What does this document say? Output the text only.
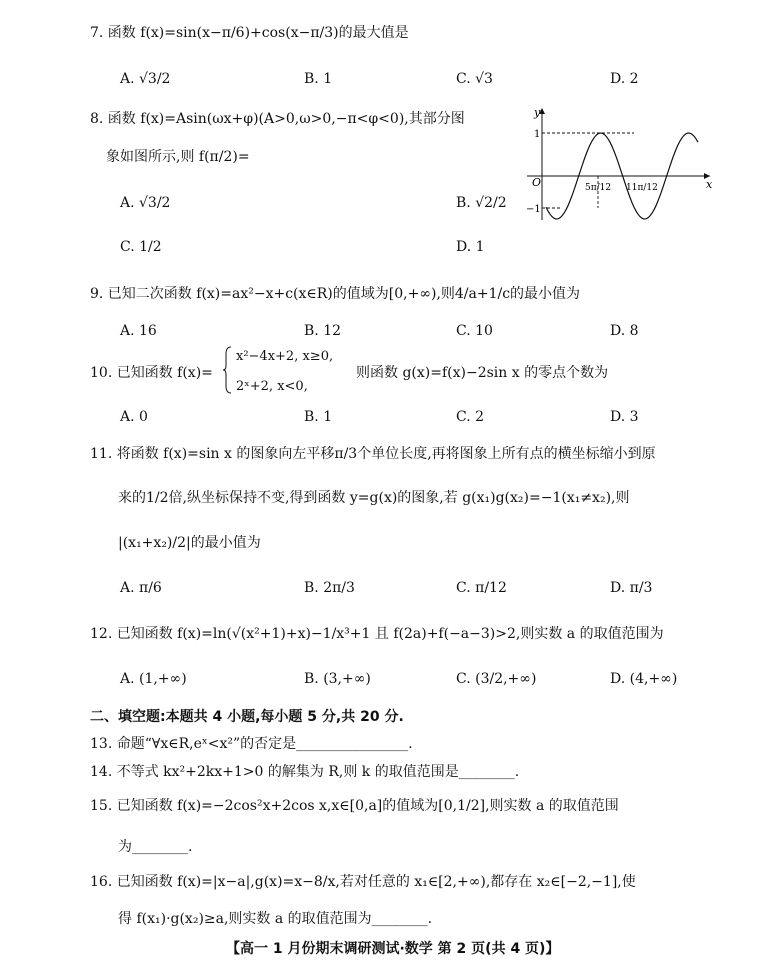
7. 函数 f(x)=sin(x−π/6)+cos(x−π/3)的最大值是
A. √3/2	B. 1	C. √3	D. 2
8. 函数 f(x)=Asin(ωx+φ)(A>0,ω>0,−π<φ<0),其部分图
象如图所示,则 f(π/2)=
A. √3/2	B. √2/2
C. 1/2	D. 1
y
x
O
1
−1
5π/12 11π/12
9. 已知二次函数 f(x)=ax²−x+c(x∈R)的值域为[0,+∞),则4/a+1/c的最小值为
A. 16	B. 12	C. 10	D. 8
10. 已知函数 f(x)=
x²−4x+2, x≥0,
2ˣ+2, x<0,
则函数 g(x)=f(x)−2sin x 的零点个数为
A. 0	B. 1	C. 2	D. 3
11. 将函数 f(x)=sin x 的图象向左平移π/3个单位长度,再将图象上所有点的横坐标缩小到原
来的1/2倍,纵坐标保持不变,得到函数 y=g(x)的图象,若 g(x₁)g(x₂)=−1(x₁≠x₂),则
|(x₁+x₂)/2|的最小值为
A. π/6	B. 2π/3	C. π/12	D. π/3
12. 已知函数 f(x)=ln(√(x²+1)+x)−1/x³+1 且 f(2a)+f(−a−3)>2,则实数 a 的取值范围为
A. (1,+∞)	B. (3,+∞)	C. (3/2,+∞)	D. (4,+∞)
二、填空题:本题共 4 小题,每小题 5 分,共 20 分.
13. 命题“∀x∈R,eˣ<x²”的否定是________________.
14. 不等式 kx²+2kx+1>0 的解集为 R,则 k 的取值范围是________.
15. 已知函数 f(x)=−2cos²x+2cos x,x∈[0,a]的值域为[0,1/2],则实数 a 的取值范围
为________.
16. 已知函数 f(x)=|x−a|,g(x)=x−8/x,若对任意的 x₁∈[2,+∞),都存在 x₂∈[−2,−1],使
得 f(x₁)·g(x₂)≥a,则实数 a 的取值范围为________.
【高一 1 月份期末调研测试·数学 第 2 页(共 4 页)】
